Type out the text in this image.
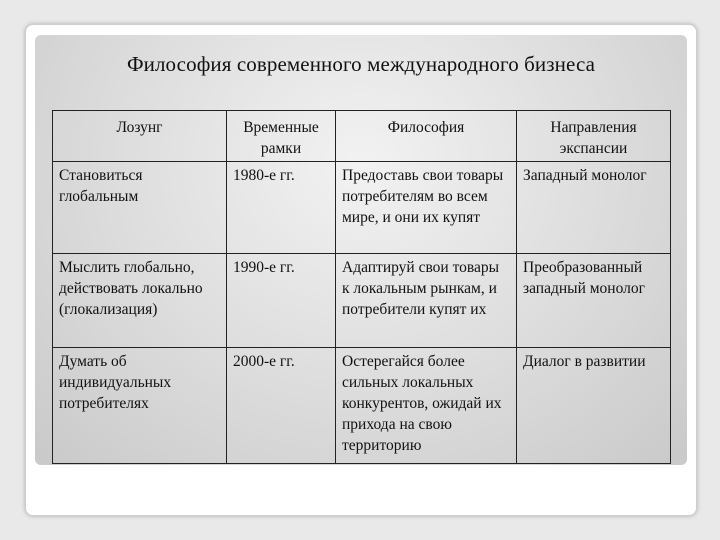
Философия современного международного бизнеса
Лозунг	Временные рамки	Философия	Направления экспансии
Становиться глобальным	1980-е гг.	Предоставь свои товары потребителям во всем мире, и они их купят	Западный монолог
Мыслить глобально, действовать локально (глокализация)	1990-е гг.	Адаптируй свои товары к локальным рынкам, и потребители купят их	Преобразованный западный монолог
Думать об индивидуальных потребителях	2000-е гг.	Остерегайся более сильных локальных конкурентов, ожидай их прихода на свою территорию	Диалог в развитии
